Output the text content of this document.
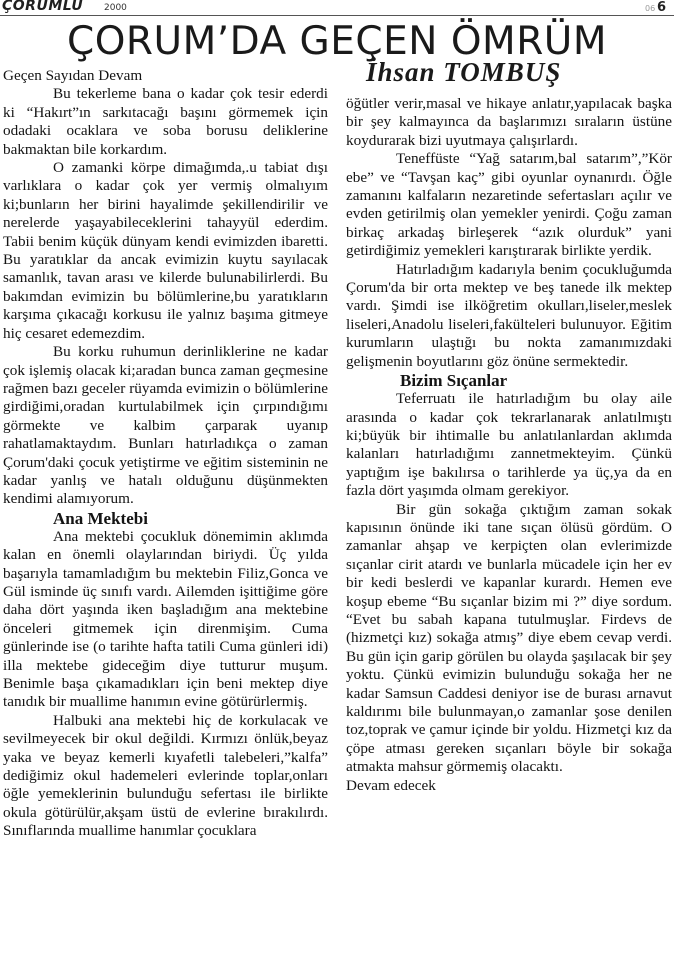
ÇORUMLU 2000	06 6
ÇORUM’DA GEÇEN ÖMRÜM
İhsan TOMBUŞ

Geçen Sayıdan Devam

Bu tekerleme bana o kadar çok tesir ederdi ki “Hakırt”ın sarkıtacağı başını görmemek için odadaki ocaklara ve soba borusu deliklerine bakmaktan bile korkardım.

O zamanki körpe dimağımda,.u tabiat dışı varlıklara o kadar çok yer vermiş olmalıyım ki;bunların her birini hayalimde şekillendirilir ve nerelerde yaşayabileceklerini tahayyül ederdim. Tabii benim küçük dünyam kendi evimizden ibaretti. Bu yaratıklar da ancak evimizin kuytu sayılacak samanlık, tavan arası ve kilerde bulunabilirlerdi. Bu bakımdan evimizin bu bölümlerine,bu yaratıkların karşıma çıkacağı korkusu ile yalnız başıma gitmeye hiç cesaret edemezdim.

Bu korku ruhumun derinliklerine ne kadar çok işlemiş olacak ki;aradan bunca zaman geçmesine rağmen bazı geceler rüyamda evimizin o bölümlerine girdiğimi,oradan kurtulabilmek için çırpındığımı görmekte ve kalbim çarparak uyanıp rahatlamaktaydım. Bunları hatırladıkça o zaman Çorum'daki çocuk yetiştirme ve eğitim sisteminin ne kadar yanlış ve hatalı olduğunu düşünmekten kendimi alamıyorum.

Ana Mektebi

Ana mektebi çocukluk dönemimin aklımda kalan en önemli olaylarından biriydi. Üç yılda başarıyla tamamladığım bu mektebin Filiz,Gonca ve Gül isminde üç sınıfı vardı. Ailemden işittiğime göre daha dört yaşında iken başladığım ana mektebine önceleri gitmemek için direnmişim. Cuma günlerinde ise (o tarihte hafta tatili Cuma günleri idi) illa mektebe gideceğim diye tutturur muşum. Benimle başa çıkamadıkları için beni mektep diye tanıdık bir muallime hanımın evine götürürlermiş.

Halbuki ana mektebi hiç de korkulacak ve sevilmeyecek bir okul değildi. Kırmızı önlük,beyaz yaka ve beyaz kemerli kıyafetli talebeleri,”kalfa” dediğimiz okul hademeleri evlerinde toplar,onları öğle yemeklerinin bulunduğu sefertası ile birlikte okula götürülür,akşam üstü de evlerine bırakılırdı. Sınıflarında muallime hanımlar çocuklara

öğütler verir,masal ve hikaye anlatır,yapılacak başka bir şey kalmayınca da başlarımızı sıraların üstüne koydurarak bizi uyutmaya çalışırlardı.

Teneffüste “Yağ satarım,bal satarım”,”Kör ebe” ve “Tavşan kaç” gibi oyunlar oynanırdı. Öğle zamanını kalfaların nezaretinde sefertasları açılır ve evden getirilmiş olan yemekler yenirdi. Çoğu zaman birkaç arkadaş birleşerek “azık olurduk” yani getirdiğimiz yemekleri karıştırarak birlikte yerdik.

Hatırladığım kadarıyla benim çocukluğumda Çorum'da bir orta mektep ve beş tanede ilk mektep vardı. Şimdi ise ilköğretim okulları,liseler,meslek liseleri,Anadolu liseleri,fakülteleri bulunuyor. Eğitim kurumların ulaştığı bu nokta zamanımızdaki gelişmenin boyutlarını göz önüne sermektedir.

Bizim Sıçanlar

Teferruatı ile hatırladığım bu olay aile arasında o kadar çok tekrarlanarak anlatılmıştı ki;büyük bir ihtimalle bu anlatılanlardan aklımda kalanları hatırladığımı zannetmekteyim. Çünkü yaptığım işe bakılırsa o tarihlerde ya üç,ya da en fazla dört yaşımda olmam gerekiyor.

Bir gün sokağa çıktığım zaman sokak kapısının önünde iki tane sıçan ölüsü gördüm. O zamanlar ahşap ve kerpiçten olan evlerimizde sıçanlar cirit atardı ve bunlarla mücadele için her ev bir kedi beslerdi ve kapanlar kurardı. Hemen eve koşup ebeme “Bu sıçanlar bizim mi ?” diye sordum. “Evet bu sabah kapana tutulmuşlar. Firdevs de (hizmetçi kız) sokağa atmış” diye ebem cevap verdi. Bu gün için garip görülen bu olayda şaşılacak bir şey yoktu. Çünkü evimizin bulunduğu sokağa her ne kadar Samsun Caddesi deniyor ise de burası arnavut kaldırımı bile bulunmayan,o zamanlar şose denilen toz,toprak ve çamur içinde bir yoldu. Hizmetçi kız da çöpe atması gereken sıçanları böyle bir sokağa atmakta mahsur görmemiş olacaktı.

Devam edecek
